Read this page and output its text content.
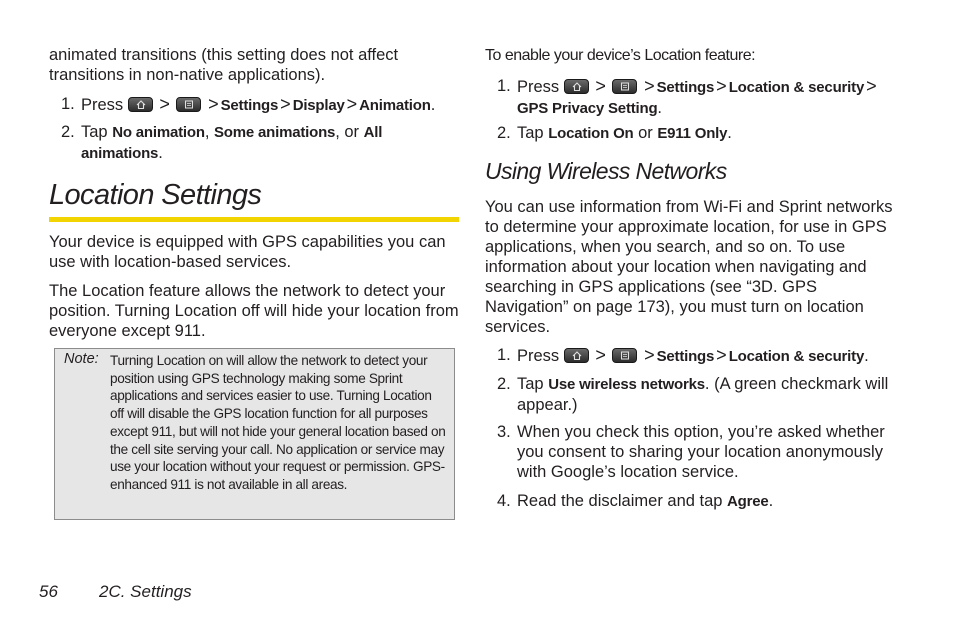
animated transitions (this setting does not affect transitions in non-native applications).

1. Press > > Settings > Display > Animation.
2. Tap No animation, Some animations, or All animations.
Location Settings

Your device is equipped with GPS capabilities you can use with location-based services.

The Location feature allows the network to detect your position. Turning Location off will hide your location from everyone except 911.

Note: Turning Location on will allow the network to detect your position using GPS technology making some Sprint applications and services easier to use. Turning Location off will disable the GPS location function for all purposes except 911, but will not hide your general location based on the cell site serving your call. No application or service may use your location without your request or permission. GPS-enhanced 911 is not available in all areas.

To enable your device’s Location feature:

1. Press > > Settings > Location & security > GPS Privacy Setting.
2. Tap Location On or E911 Only.
Using Wireless Networks

You can use information from Wi-Fi and Sprint networks to determine your approximate location, for use in GPS applications, when you search, and so on. To use information about your location when navigating and searching in GPS applications (see “3D. GPS Navigation” on page 173), you must turn on location services.

1. Press > > Settings > Location & security.
2. Tap Use wireless networks. (A green checkmark will appear.)
3. When you check this option, you’re asked whether you consent to sharing your location anonymously with Google’s location service.
4. Read the disclaimer and tap Agree.
56 2C. Settings
